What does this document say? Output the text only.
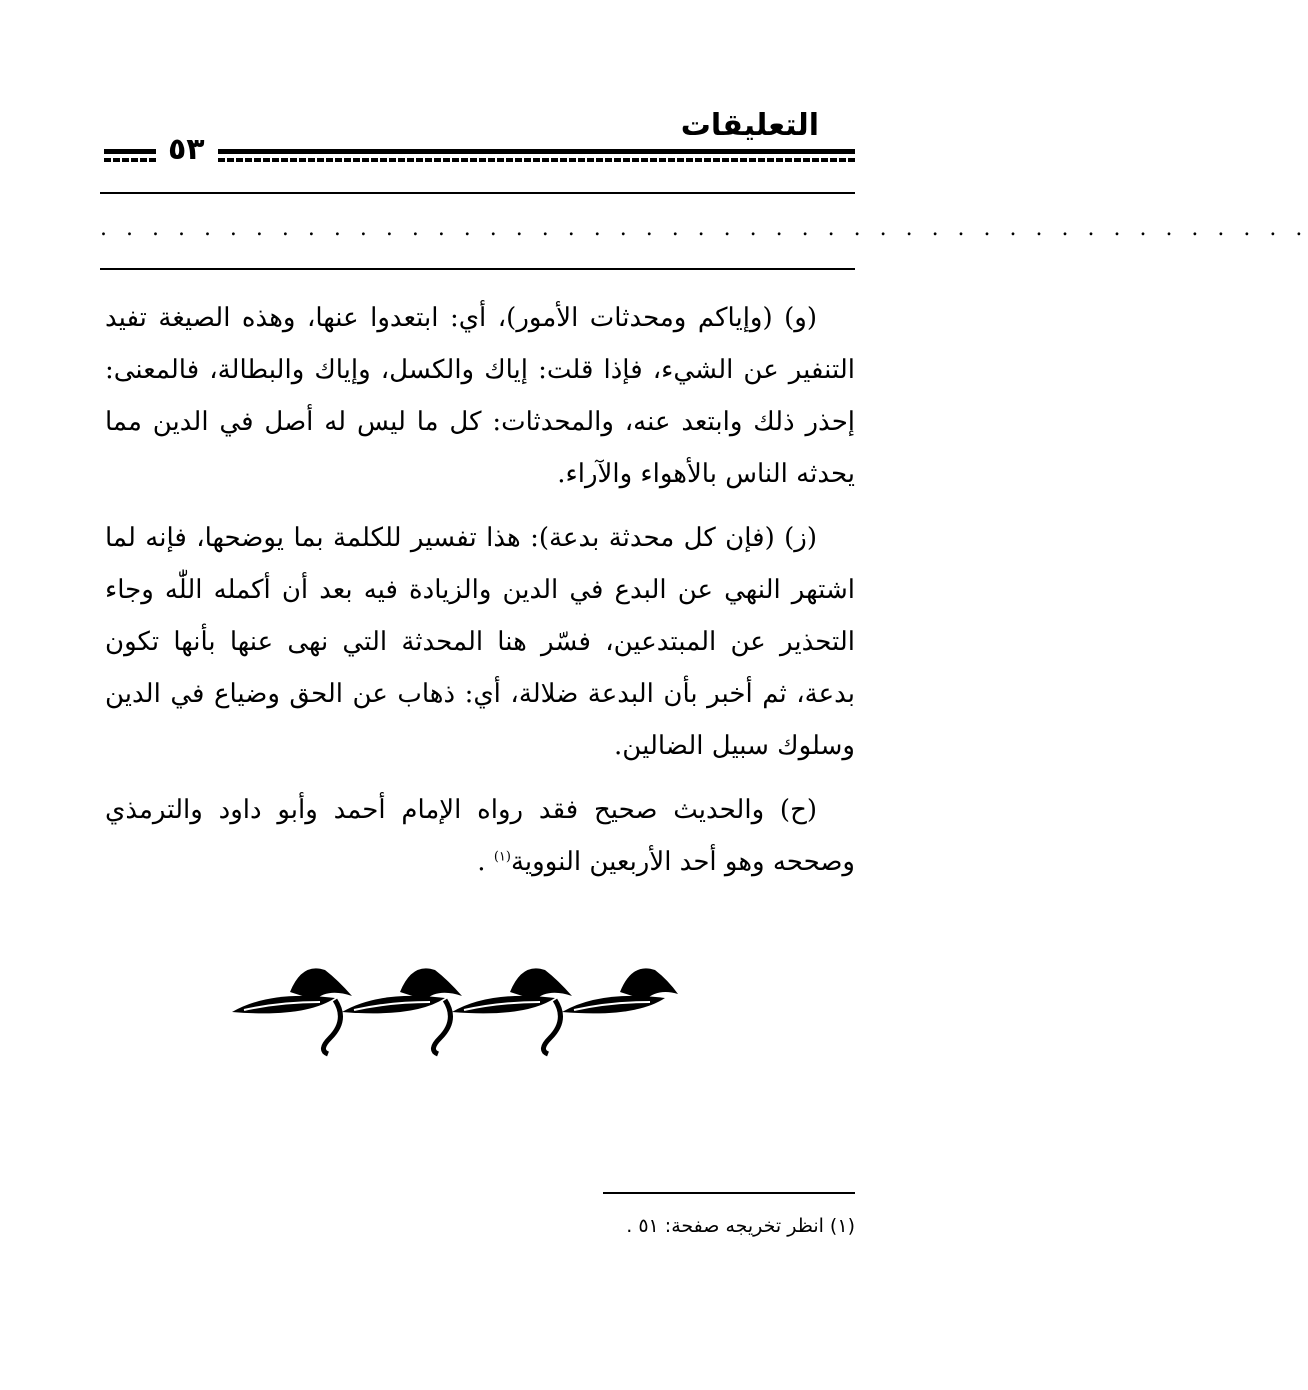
التعليقات
٥٣
. . . . . . . . . . . . . . . . . . . . . . . . . . . . . . . . . . . . . . . . . . . . . . .

(و) (وإياكم ومحدثات الأمور)، أي: ابتعدوا عنها، وهذه الصيغة تفيد التنفير عن الشيء، فإذا قلت: إياك والكسل، وإياك والبطالة، فالمعنى: إحذر ذلك وابتعد عنه، والمحدثات: كل ما ليس له أصل في الدين مما يحدثه الناس بالأهواء والآراء.

(ز) (فإن كل محدثة بدعة): هذا تفسير للكلمة بما يوضحها، فإنه لما اشتهر النهي عن البدع في الدين والزيادة فيه بعد أن أكمله اللّٰه وجاء التحذير عن المبتدعين، فسّر هنا المحدثة التي نهى عنها بأنها تكون بدعة، ثم أخبر بأن البدعة ضلالة، أي: ذهاب عن الحق وضياع في الدين وسلوك سبيل الضالين.

(ح) والحديث صحيح فقد رواه الإمام أحمد وأبو داود والترمذي وصححه وهو أحد الأربعين النووية$^{(١)}$ .

(١) انظر تخريجه صفحة: ٥١ .
